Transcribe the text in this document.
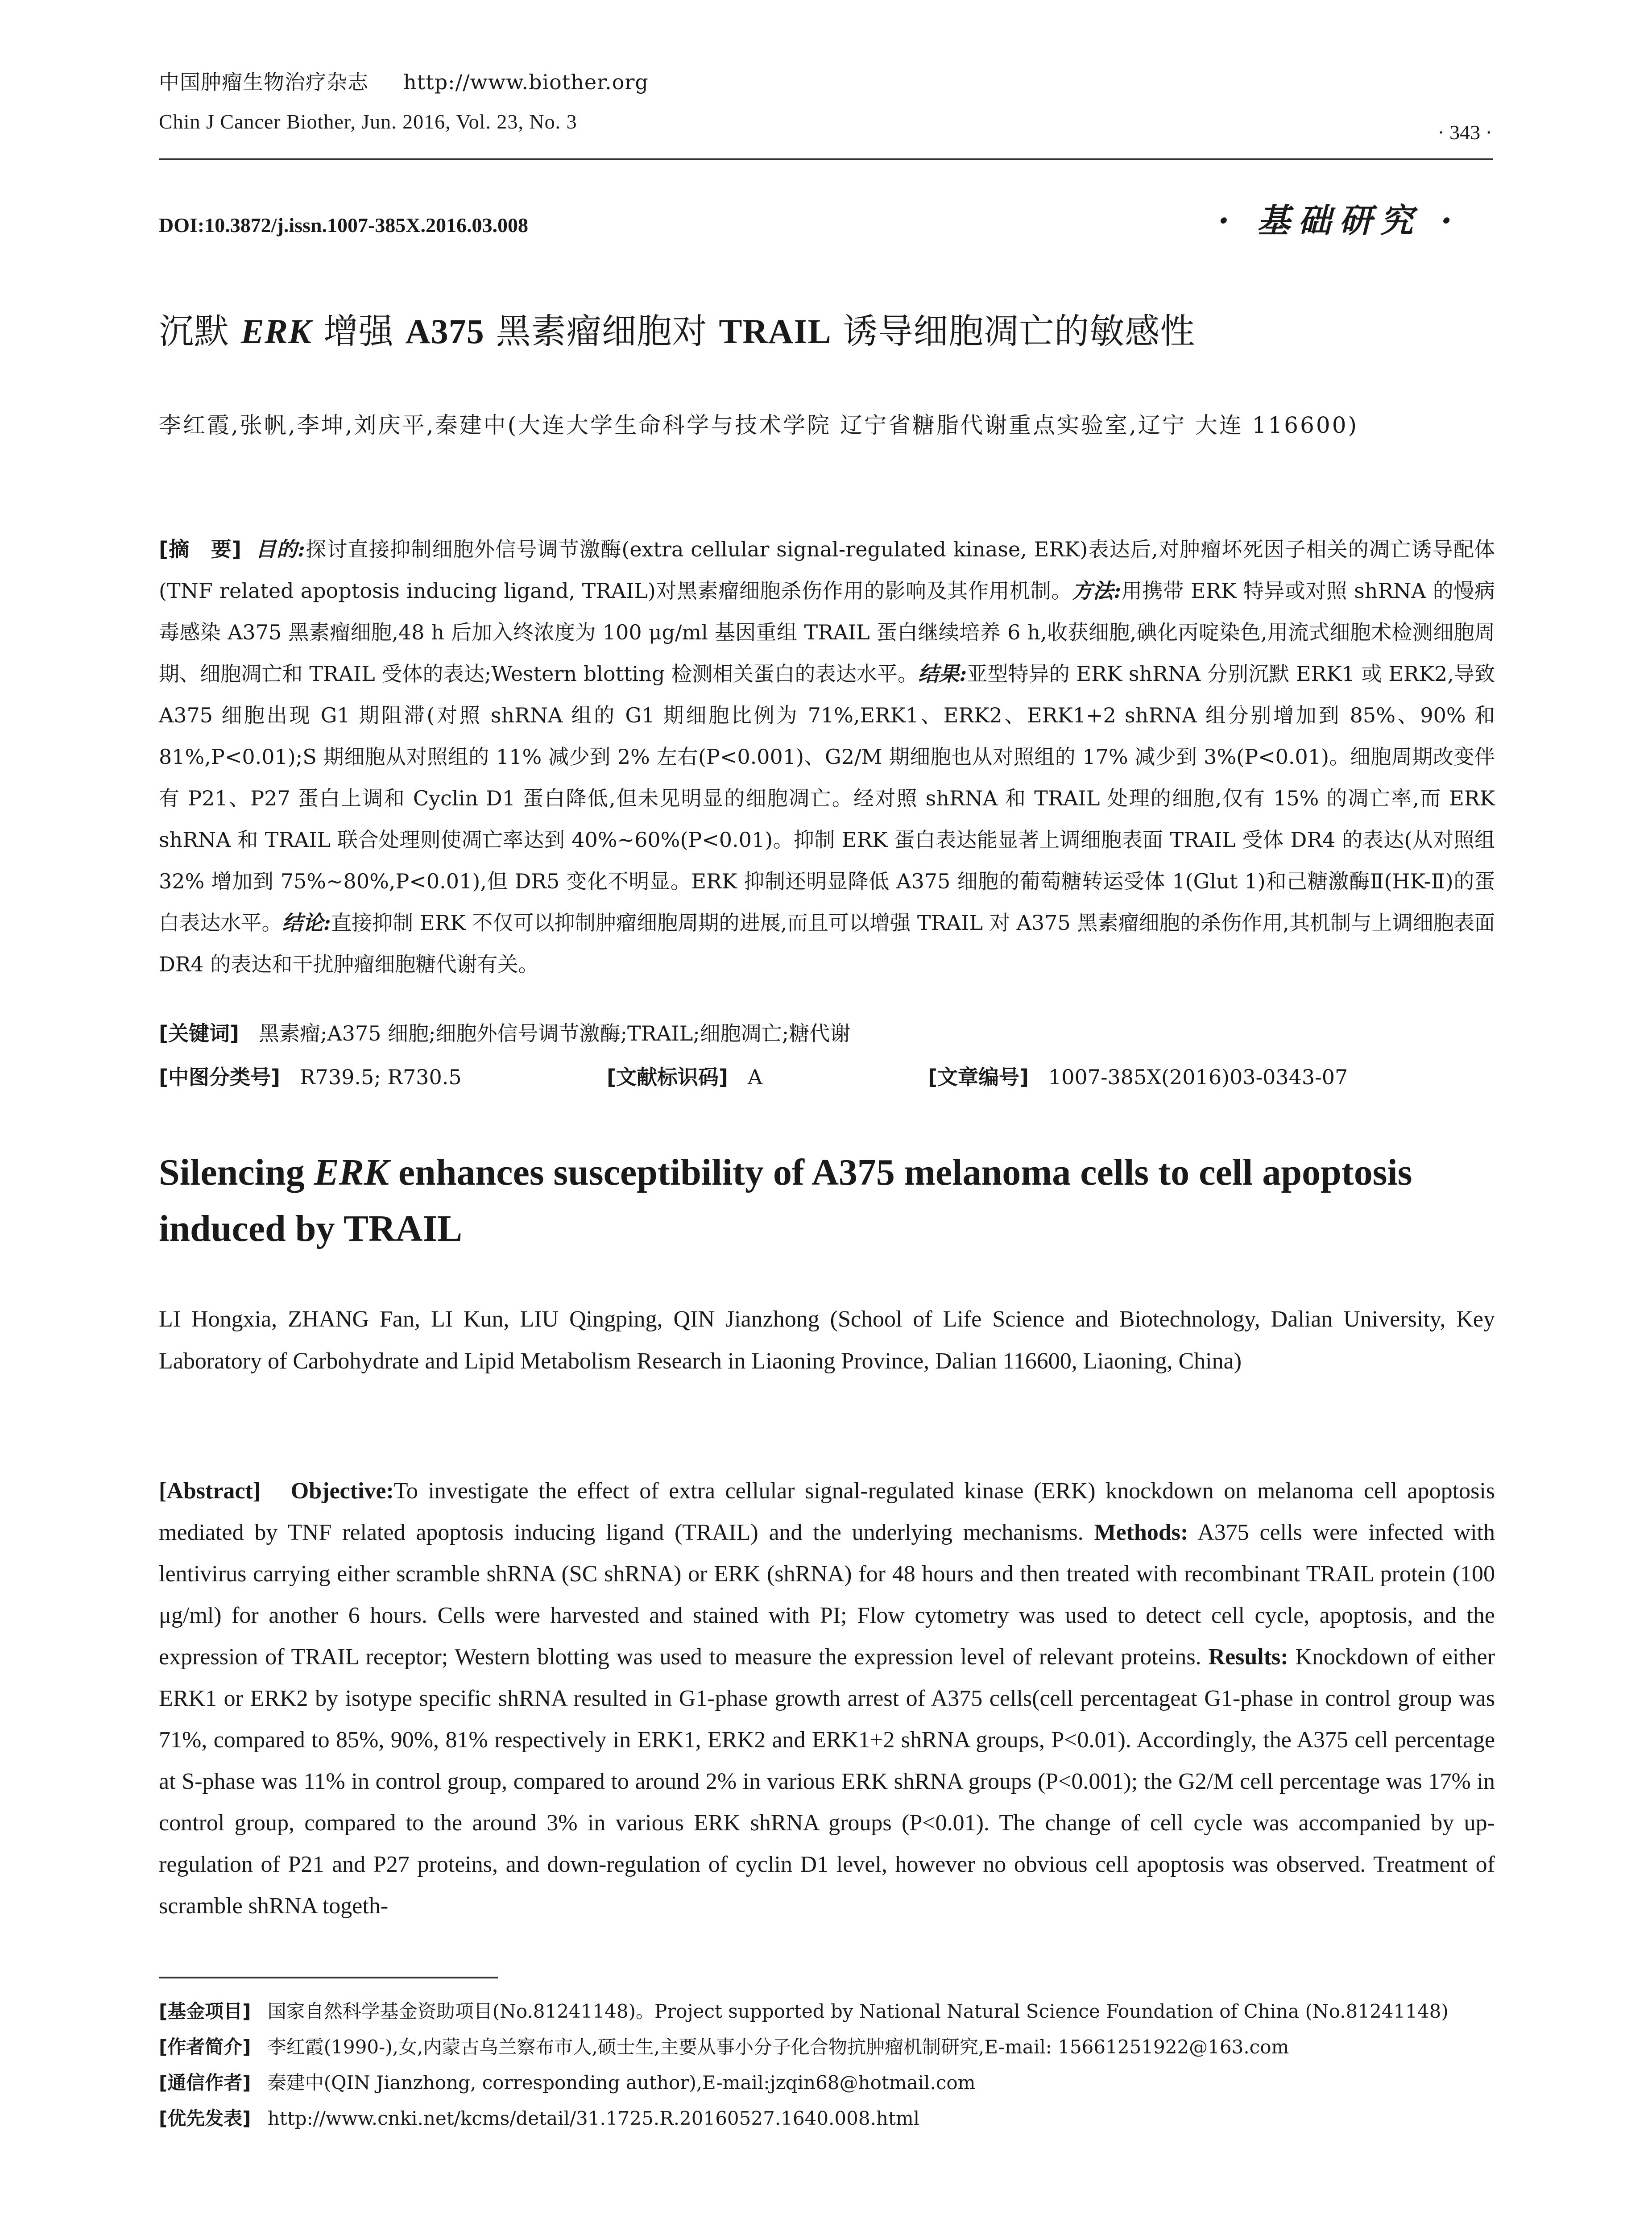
中国肿瘤生物治疗杂志 http://www.biother.org
Chin J Cancer Biother, Jun. 2016, Vol. 23, No. 3	· 343 ·
DOI:10.3872/j.issn.1007-385X.2016.03.008	· 基础研究 ·
沉默 ERK 增强 A375 黑素瘤细胞对 TRAIL 诱导细胞凋亡的敏感性
李红霞,张帆,李坤,刘庆平,秦建中(大连大学生命科学与技术学院 辽宁省糖脂代谢重点实验室,辽宁 大连 116600)
[摘　要] 目的:探讨直接抑制细胞外信号调节激酶(extra cellular signal-regulated kinase, ERK)表达后,对肿瘤坏死因子相关的凋亡诱导配体(TNF related apoptosis inducing ligand, TRAIL)对黑素瘤细胞杀伤作用的影响及其作用机制。方法:用携带 ERK 特异或对照 shRNA 的慢病毒感染 A375 黑素瘤细胞,48 h 后加入终浓度为 100 μg/ml 基因重组 TRAIL 蛋白继续培养 6 h,收获细胞,碘化丙啶染色,用流式细胞术检测细胞周期、细胞凋亡和 TRAIL 受体的表达;Western blotting 检测相关蛋白的表达水平。结果:亚型特异的 ERK shRNA 分别沉默 ERK1 或 ERK2,导致 A375 细胞出现 G1 期阻滞(对照 shRNA 组的 G1 期细胞比例为 71%,ERK1、ERK2、ERK1+2 shRNA 组分别增加到 85%、90% 和 81%,P<0.01);S 期细胞从对照组的 11% 减少到 2% 左右(P<0.001)、G2/M 期细胞也从对照组的 17% 减少到 3%(P<0.01)。细胞周期改变伴有 P21、P27 蛋白上调和 Cyclin D1 蛋白降低,但未见明显的细胞凋亡。经对照 shRNA 和 TRAIL 处理的细胞,仅有 15% 的凋亡率,而 ERK shRNA 和 TRAIL 联合处理则使凋亡率达到 40%~60%(P<0.01)。抑制 ERK 蛋白表达能显著上调细胞表面 TRAIL 受体 DR4 的表达(从对照组 32% 增加到 75%~80%,P<0.01),但 DR5 变化不明显。ERK 抑制还明显降低 A375 细胞的葡萄糖转运受体 1(Glut 1)和己糖激酶Ⅱ(HK-Ⅱ)的蛋白表达水平。结论:直接抑制 ERK 不仅可以抑制肿瘤细胞周期的进展,而且可以增强 TRAIL 对 A375 黑素瘤细胞的杀伤作用,其机制与上调细胞表面 DR4 的表达和干扰肿瘤细胞糖代谢有关。
[关键词] 黑素瘤;A375 细胞;细胞外信号调节激酶;TRAIL;细胞凋亡;糖代谢
[中图分类号] R739.5; R730.5	[文献标识码] A	[文章编号] 1007-385X(2016)03-0343-07
Silencing ERK enhances susceptibility of A375 melanoma cells to cell apoptosis induced by TRAIL
LI Hongxia, ZHANG Fan, LI Kun, LIU Qingping, QIN Jianzhong (School of Life Science and Biotechnology, Dalian University, Key Laboratory of Carbohydrate and Lipid Metabolism Research in Liaoning Province, Dalian 116600, Liaoning, China)
[Abstract] Objective:To investigate the effect of extra cellular signal-regulated kinase (ERK) knockdown on melanoma cell apoptosis mediated by TNF related apoptosis inducing ligand (TRAIL) and the underlying mechanisms. Methods: A375 cells were infected with lentivirus carrying either scramble shRNA (SC shRNA) or ERK (shRNA) for 48 hours and then treated with recombinant TRAIL protein (100 μg/ml) for another 6 hours. Cells were harvested and stained with PI; Flow cytometry was used to detect cell cycle, apoptosis, and the expression of TRAIL receptor; Western blotting was used to measure the expression level of relevant proteins. Results: Knockdown of either ERK1 or ERK2 by isotype specific shRNA resulted in G1-phase growth arrest of A375 cells(cell percentageat G1-phase in control group was 71%, compared to 85%, 90%, 81% respectively in ERK1, ERK2 and ERK1+2 shRNA groups, P<0.01). Accordingly, the A375 cell percentage at S-phase was 11% in control group, compared to around 2% in various ERK shRNA groups (P<0.001); the G2/M cell percentage was 17% in control group, compared to the around 3% in various ERK shRNA groups (P<0.01). The change of cell cycle was accompanied by up-regulation of P21 and P27 proteins, and down-regulation of cyclin D1 level, however no obvious cell apoptosis was observed. Treatment of scramble shRNA togeth-
[基金项目] 国家自然科学基金资助项目(No.81241148)。Project supported by National Natural Science Foundation of China (No.81241148)
[作者简介] 李红霞(1990-),女,内蒙古乌兰察布市人,硕士生,主要从事小分子化合物抗肿瘤机制研究,E-mail: 15661251922@163.com
[通信作者] 秦建中(QIN Jianzhong, corresponding author),E-mail:jzqin68@hotmail.com
[优先发表] http://www.cnki.net/kcms/detail/31.1725.R.20160527.1640.008.html
